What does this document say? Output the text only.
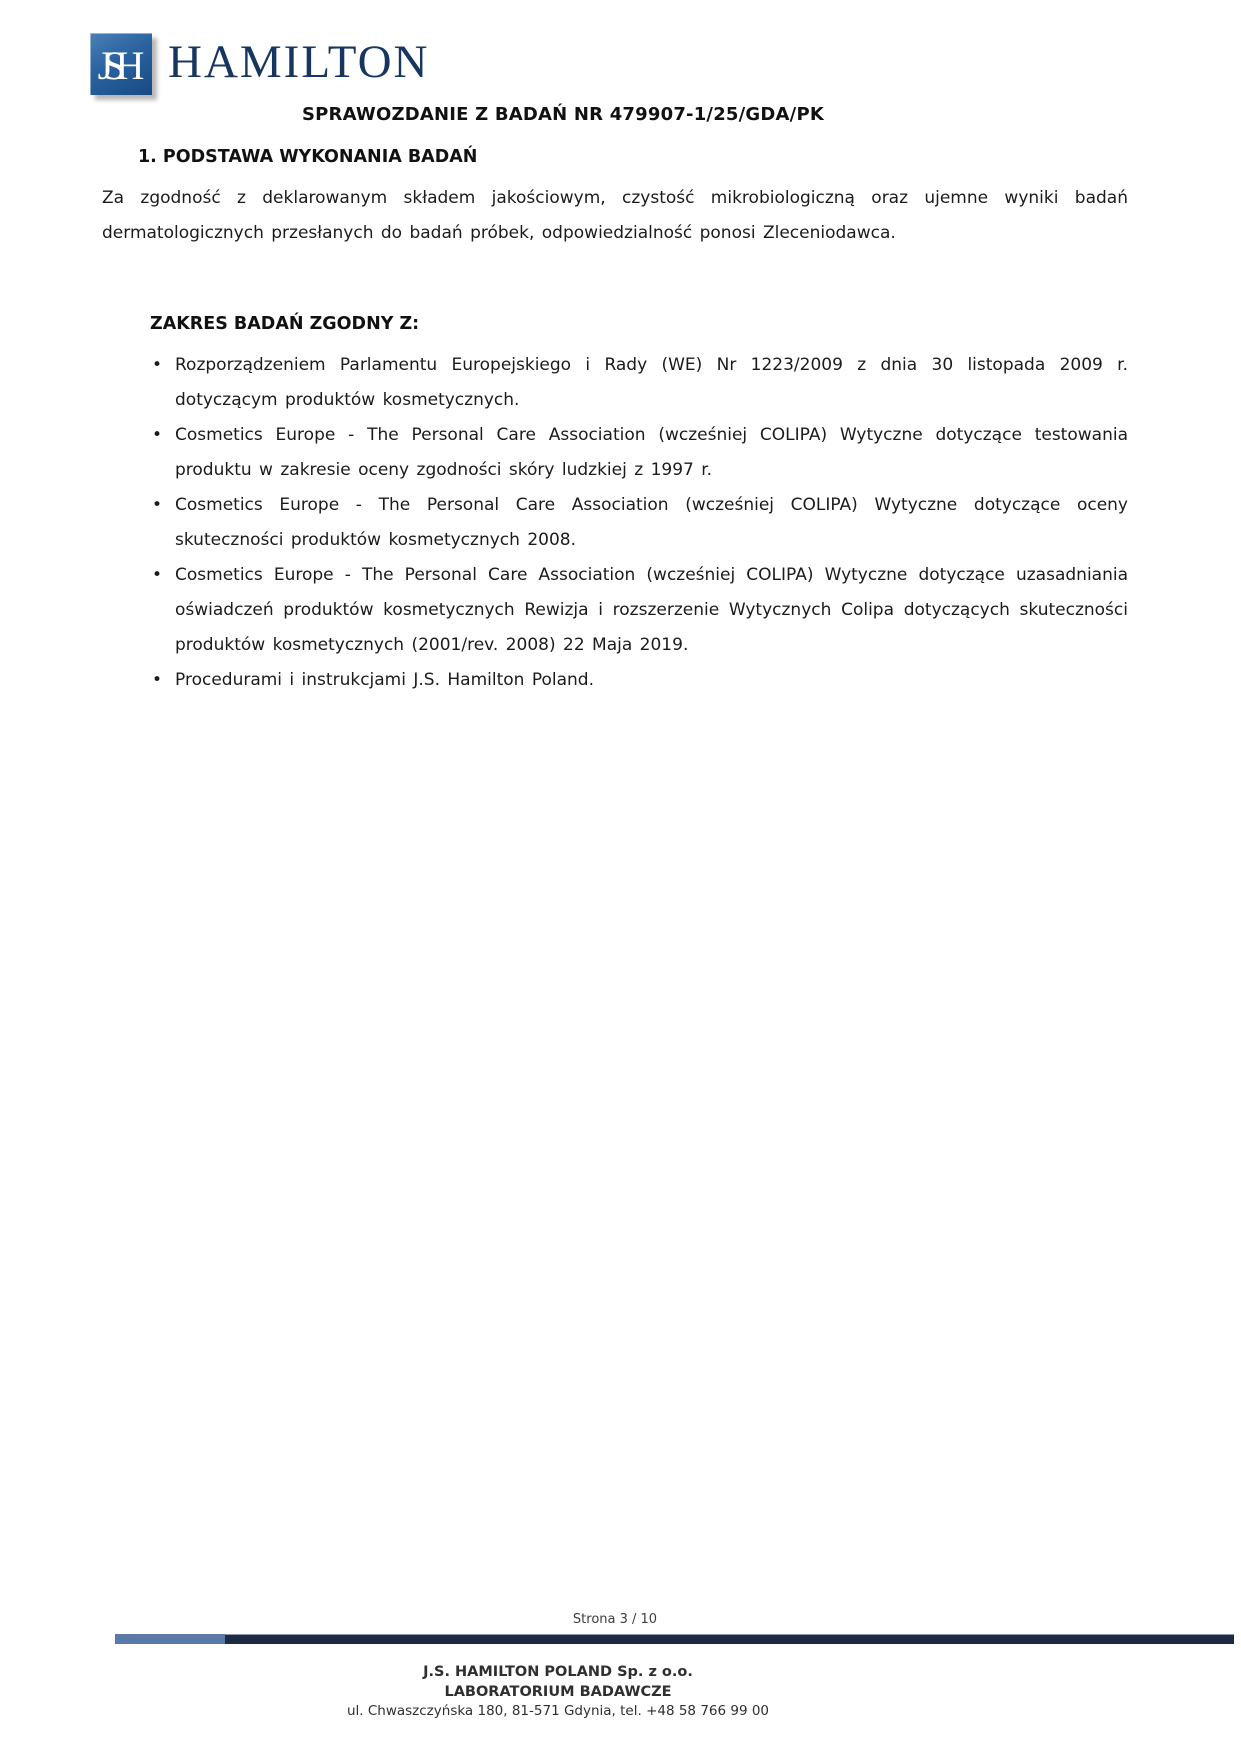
JSH HAMILTON
SPRAWOZDANIE Z BADAŃ NR 479907-1/25/GDA/PK
1. PODSTAWA WYKONANIA BADAŃ
Za zgodność z deklarowanym składem jakościowym, czystość mikrobiologiczną oraz ujemne wyniki badań dermatologicznych przesłanych do badań próbek, odpowiedzialność ponosi Zleceniodawca.
ZAKRES BADAŃ ZGODNY Z:
• Rozporządzeniem Parlamentu Europejskiego i Rady (WE) Nr 1223/2009 z dnia 30 listopada 2009 r. dotyczącym produktów kosmetycznych.
• Cosmetics Europe - The Personal Care Association (wcześniej COLIPA) Wytyczne dotyczące testowania produktu w zakresie oceny zgodności skóry ludzkiej z 1997 r.
• Cosmetics Europe - The Personal Care Association (wcześniej COLIPA) Wytyczne dotyczące oceny skuteczności produktów kosmetycznych 2008.
• Cosmetics Europe - The Personal Care Association (wcześniej COLIPA) Wytyczne dotyczące uzasadniania oświadczeń produktów kosmetycznych Rewizja i rozszerzenie Wytycznych Colipa dotyczących skuteczności produktów kosmetycznych (2001/rev. 2008) 22 Maja 2019.
• Procedurami i instrukcjami J.S. Hamilton Poland.
Strona 3 / 10
J.S. HAMILTON POLAND Sp. z o.o.
LABORATORIUM BADAWCZE
ul. Chwaszczyńska 180, 81-571 Gdynia, tel. +48 58 766 99 00
